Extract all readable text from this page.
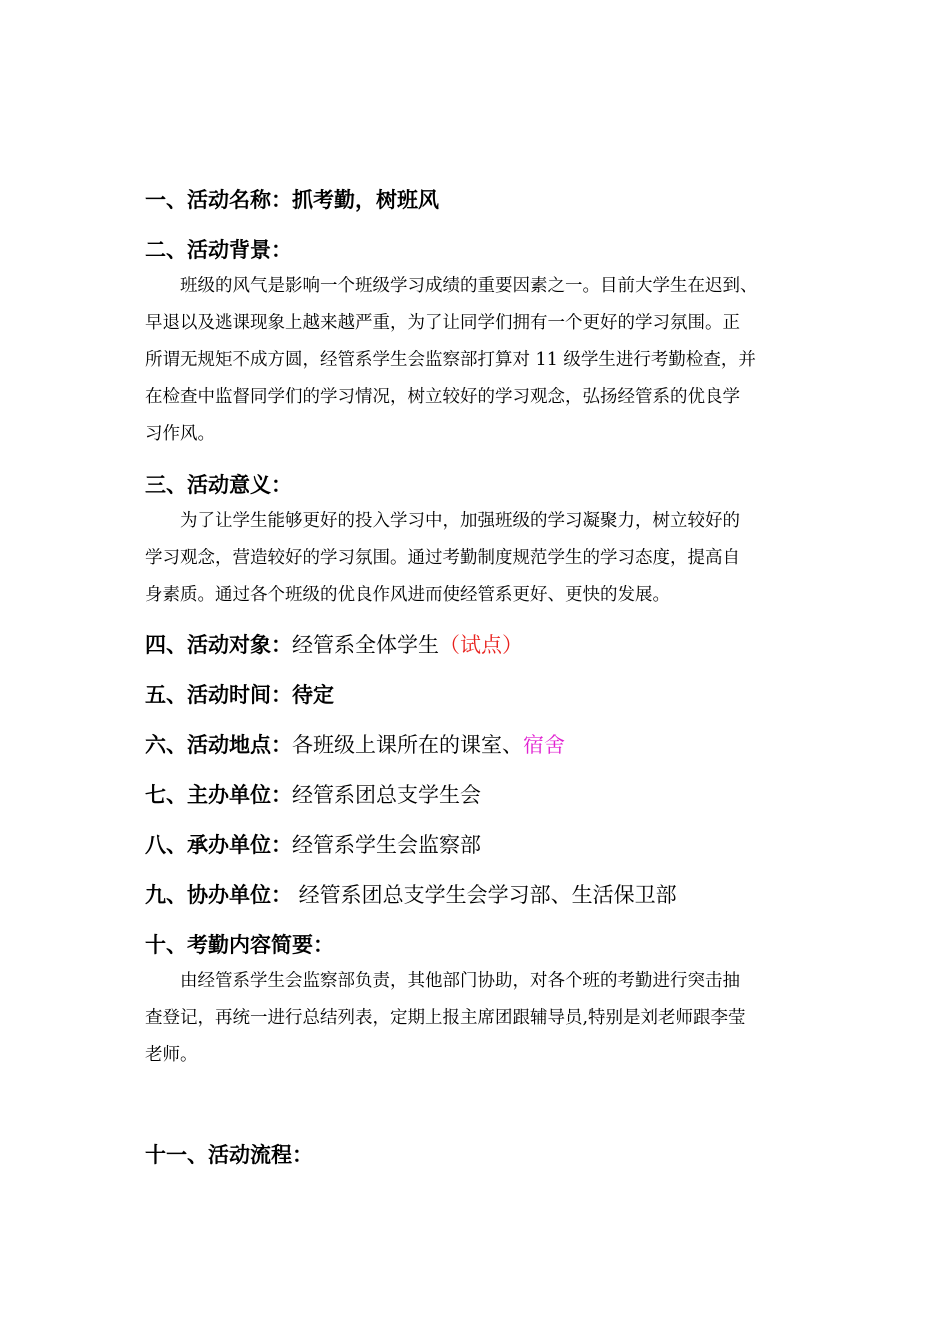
一、活动名称：抓考勤，树班风
二、活动背景：
　　班级的风气是影响一个班级学习成绩的重要因素之一。目前大学生在迟到、
早退以及逃课现象上越来越严重，为了让同学们拥有一个更好的学习氛围。正
所谓无规矩不成方圆，经管系学生会监察部打算对 11 级学生进行考勤检查，并
在检查中监督同学们的学习情况，树立较好的学习观念，弘扬经管系的优良学
习作风。
三、活动意义：
　　为了让学生能够更好的投入学习中，加强班级的学习凝聚力，树立较好的
学习观念，营造较好的学习氛围。通过考勤制度规范学生的学习态度，提高自
身素质。通过各个班级的优良作风进而使经管系更好、更快的发展。
四、活动对象：经管系全体学生（试点）
五、活动时间：待定
六、活动地点：各班级上课所在的课室、宿舍
七、主办单位：经管系团总支学生会
八、承办单位：经管系学生会监察部
九、协办单位： 经管系团总支学生会学习部、生活保卫部
十、考勤内容简要：
　　由经管系学生会监察部负责，其他部门协助，对各个班的考勤进行突击抽
查登记，再统一进行总结列表，定期上报主席团跟辅导员,特别是刘老师跟李莹
老师。
十一、活动流程：
